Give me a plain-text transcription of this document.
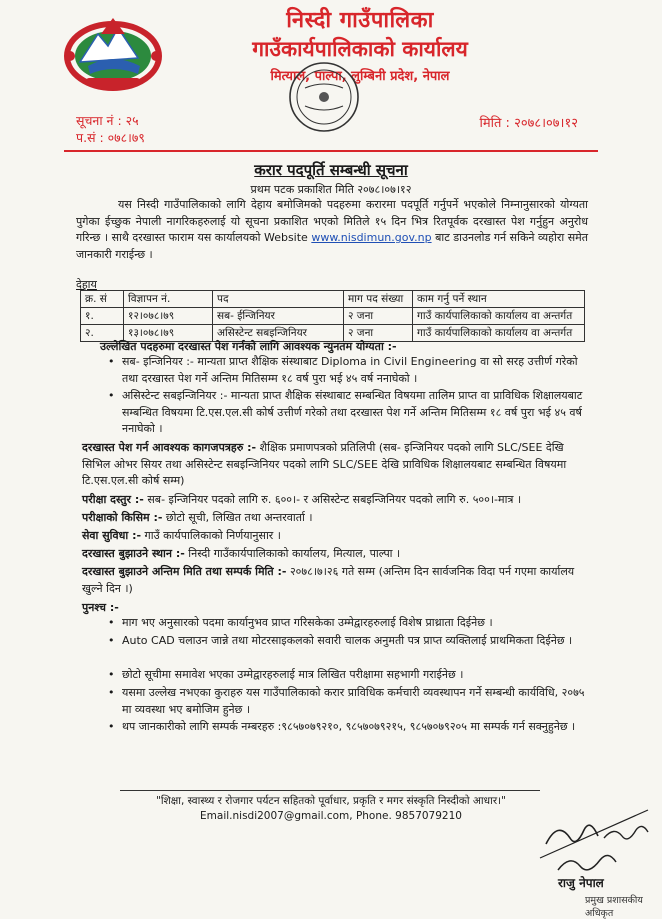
निस्दी गाउँपालिका
गाउँकार्यपालिकाको कार्यालय
मित्याल, पाल्पा, लुम्बिनी प्रदेश, नेपाल
सूचना नं : २५
प.सं : ०७८।७९
मिति : २०७८।०७।१२
करार पदपूर्ति सम्बन्धी सूचना
प्रथम पटक प्रकाशित मिति २०७८।०७।१२
यस निस्दी गाउँपालिकाको लागि देहाय बमोजिमको पदहरुमा करारमा पदपूर्ति गर्नुपर्ने भएकोले निम्नानुसारको योग्यता पुगेका ईच्छुक नेपाली नागरिकहरुलाई यो सूचना प्रकाशित भएको मितिले १५ दिन भित्र रितपूर्वक दरखास्त पेश गर्नुहुन अनुरोध गरिन्छ । साथै दरखास्त फाराम यस कार्यालयको Website www.nisdimun.gov.np बाट डाउनलोड गर्न सकिने व्यहोरा समेत जानकारी गराईन्छ ।
देहाय
क्र. सं	विज्ञापन नं.	पद	माग पद संख्या	काम गर्नु पर्ने स्थान
१.	१२।०७८।७९	सब- ईन्जिनियर	२ जना	गाउँ कार्यपालिकाको कार्यालय वा अन्तर्गत
२.	१३।०७८।७९	असिस्टेन्ट सबइन्जिनियर	२ जना	गाउँ कार्यपालिकाको कार्यालय वा अन्तर्गत
उल्लेखित पदहरुमा दरखास्त पेश गर्नको लागि आवश्यक न्युनतम योग्यता :-
• सब- इन्जिनियर :- मान्यता प्राप्त शैक्षिक संस्थाबाट Diploma in Civil Engineering वा सो सरह उत्तीर्ण गरेको तथा दरखास्त पेश गर्ने अन्तिम मितिसम्म १८ वर्ष पुरा भई ४५ वर्ष ननाघेको ।
• असिस्टेन्ट सबइन्जिनियर :- मान्यता प्राप्त शैक्षिक संस्थाबाट सम्बन्धित विषयमा तालिम प्राप्त वा प्राविधिक शिक्षालयबाट सम्बन्धित विषयमा टि.एस.एल.सी कोर्ष उत्तीर्ण गरेको तथा दरखास्त पेश गर्ने अन्तिम मितिसम्म १८ वर्ष पुरा भई ४५ वर्ष ननाघेको ।
दरखास्त पेश गर्न आवश्यक कागजपत्रहरु :- शैक्षिक प्रमाणपत्रको प्रतिलिपी (सब- इन्जिनियर पदको लागि SLC/SEE देखि सिभिल ओभर सियर तथा असिस्टेन्ट सबइन्जिनियर पदको लागि SLC/SEE देखि प्राविधिक शिक्षालयबाट सम्बन्धित विषयमा टि.एस.एल.सी कोर्ष सम्म)
परीक्षा दस्तुर :- सब- इन्जिनियर पदको लागि रु. ६००।- र असिस्टेन्ट सबइन्जिनियर पदको लागि रु. ५००।-मात्र ।
परीक्षाको किसिम :- छोटो सूची, लिखित तथा अन्तरवार्ता ।
सेवा सुविधा :- गाउँ कार्यपालिकाको निर्णयानुसार ।
दरखास्त बुझाउने स्थान :- निस्दी गाउँकार्यपालिकाको कार्यालय, मित्याल, पाल्पा ।
दरखास्त बुझाउने अन्तिम मिति तथा सम्पर्क मिति :- २०७८।७।२६ गते सम्म (अन्तिम दिन सार्वजनिक विदा पर्न गएमा कार्यालय खुल्ने दिन ।)
पुनश्च :-
• माग भए अनुसारको पदमा कार्यानुभव प्राप्त गरिसकेका उम्मेद्वारहरुलाई विशेष प्राथ्राता दिईनेछ ।
• Auto CAD चलाउन जान्ने तथा मोटरसाइकलको सवारी चालक अनुमती पत्र प्राप्त व्यक्तिलाई प्राथमिकता दिईनेछ ।
• छोटो सूचीमा समावेश भएका उम्मेद्वारहरुलाई मात्र लिखित परीक्षामा सहभागी गराईनेछ ।
• यसमा उल्लेख नभएका कुराहरु यस गाउँपालिकाको करार प्राविधिक कर्मचारी व्यवस्थापन गर्ने सम्बन्धी कार्यविधि, २०७५ मा व्यवस्था भए बमोजिम हुनेछ ।
• थप जानकारीको लागि सम्पर्क नम्बरहरु :९८५७०७९२१०, ९८५७०७९२१५, ९८५७०७९२०५ मा सम्पर्क गर्न सक्नुहुनेछ ।
"शिक्षा, स्वास्थ्य र रोजगार पर्यटन सहितको पूर्वाधार, प्रकृति र मगर संस्कृति निस्दीको आधार।"
Email.nisdi2007@gmail.com, Phone. 9857079210
राजु नेपाल
प्रमुख प्रशासकीय अधिकृत
